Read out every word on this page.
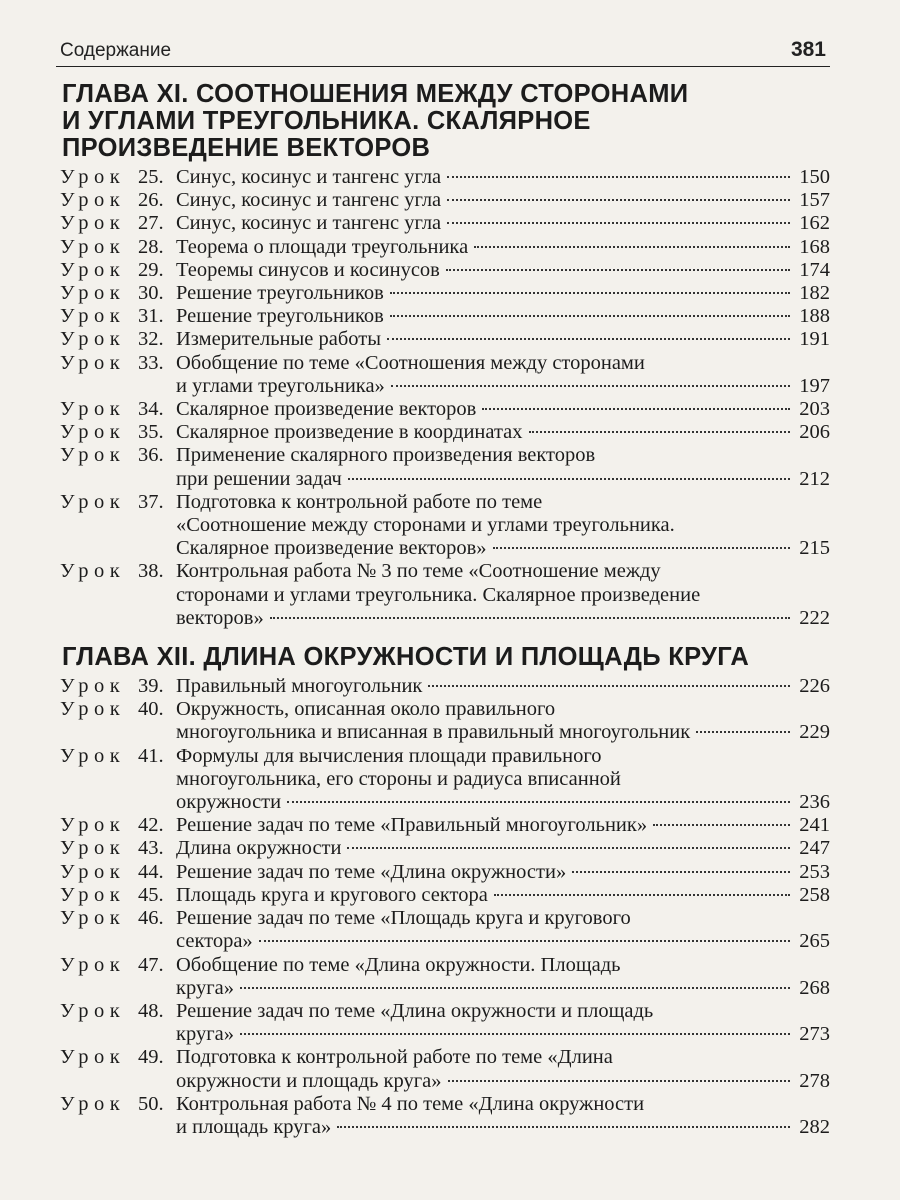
Содержание	381
ГЛАВА XI. СООТНОШЕНИЯ МЕЖДУ СТОРОНАМИ
И УГЛАМИ ТРЕУГОЛЬНИКА. СКАЛЯРНОЕ
ПРОИЗВЕДЕНИЕ ВЕКТОРОВ
Урок 25. Синус, косинус и тангенс угла	150
Урок 26. Синус, косинус и тангенс угла	157
Урок 27. Синус, косинус и тангенс угла	162
Урок 28. Теорема о площади треугольника	168
Урок 29. Теоремы синусов и косинусов	174
Урок 30. Решение треугольников	182
Урок 31. Решение треугольников	188
Урок 32. Измерительные работы	191
Урок 33. Обобщение по теме «Соотношения между сторонами
и углами треугольника»	197
Урок 34. Скалярное произведение векторов	203
Урок 35. Скалярное произведение в координатах	206
Урок 36. Применение скалярного произведения векторов
при решении задач	212
Урок 37. Подготовка к контрольной работе по теме
«Соотношение между сторонами и углами треугольника.
Скалярное произведение векторов»	215
Урок 38. Контрольная работа № 3 по теме «Соотношение между
сторонами и углами треугольника. Скалярное произведение
векторов»	222
ГЛАВА XII. ДЛИНА ОКРУЖНОСТИ И ПЛОЩАДЬ КРУГА
Урок 39. Правильный многоугольник	226
Урок 40. Окружность, описанная около правильного
многоугольника и вписанная в правильный многоугольник	229
Урок 41. Формулы для вычисления площади правильного
многоугольника, его стороны и радиуса вписанной
окружности	236
Урок 42. Решение задач по теме «Правильный многоугольник»	241
Урок 43. Длина окружности	247
Урок 44. Решение задач по теме «Длина окружности»	253
Урок 45. Площадь круга и кругового сектора	258
Урок 46. Решение задач по теме «Площадь круга и кругового
сектора»	265
Урок 47. Обобщение по теме «Длина окружности. Площадь
круга»	268
Урок 48. Решение задач по теме «Длина окружности и площадь
круга»	273
Урок 49. Подготовка к контрольной работе по теме «Длина
окружности и площадь круга»	278
Урок 50. Контрольная работа № 4 по теме «Длина окружности
и площадь круга»	282
